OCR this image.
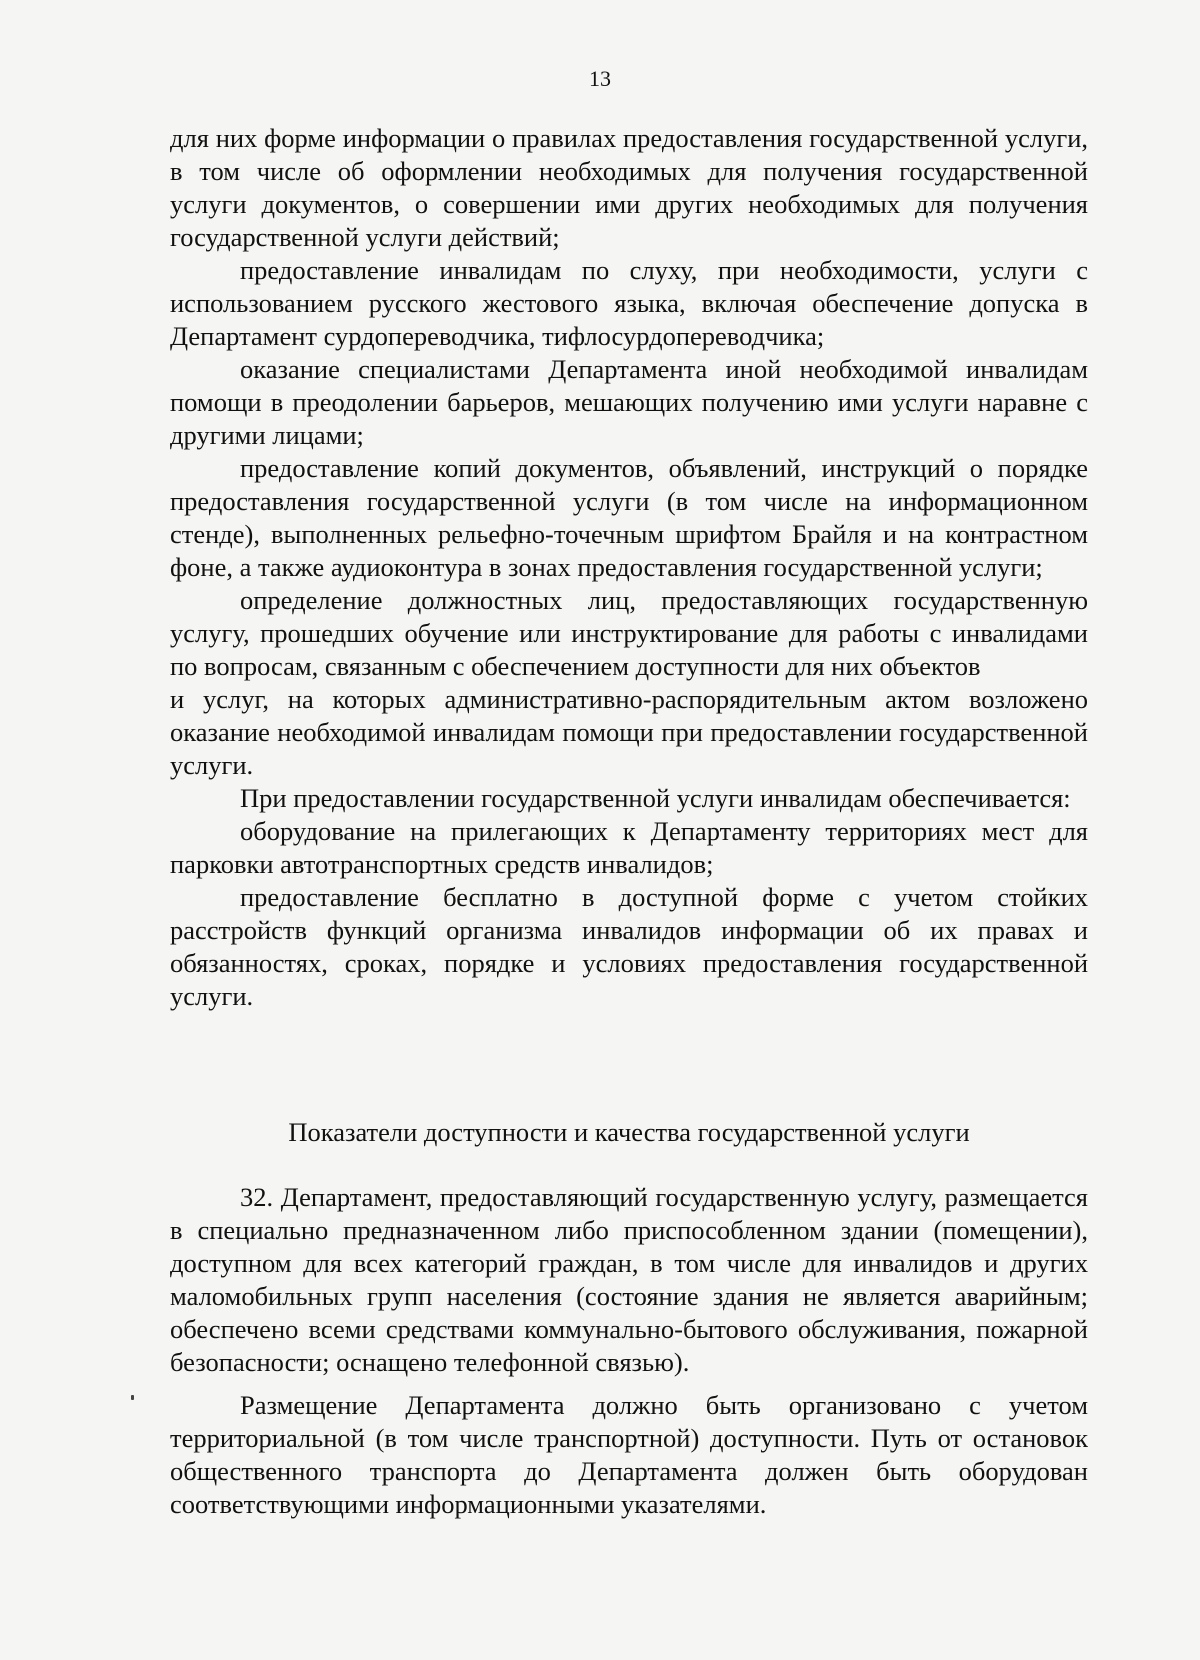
13

для них форме информации о правилах предоставления государственной услуги, в том числе об оформлении необходимых для получения государственной услуги документов, о совершении ими других необходимых для получения государственной услуги действий;

предоставление инвалидам по слуху, при необходимости, услуги с использованием русского жестового языка, включая обеспечение допуска в Департамент сурдопереводчика, тифлосурдопереводчика;

оказание специалистами Департамента иной необходимой инвалидам помощи в преодолении барьеров, мешающих получению ими услуги наравне с другими лицами;

предоставление копий документов, объявлений, инструкций о порядке предоставления государственной услуги (в том числе на информационном стенде), выполненных рельефно-точечным шрифтом Брайля и на контрастном фоне, а также аудиоконтура в зонах предоставления государственной услуги;

определение должностных лиц, предоставляющих государственную услугу, прошедших обучение или инструктирование для работы с инвалидами по вопросам, связанным с обеспечением доступности для них объектов

и услуг, на которых административно-распорядительным актом возложено оказание необходимой инвалидам помощи при предоставлении государственной услуги.

При предоставлении государственной услуги инвалидам обеспечивается:

оборудование на прилегающих к Департаменту территориях мест для парковки автотранспортных средств инвалидов;

предоставление бесплатно в доступной форме с учетом стойких расстройств функций организма инвалидов информации об их правах и обязанностях, сроках, порядке и условиях предоставления государственной услуги.

Показатели доступности и качества государственной услуги

32. Департамент, предоставляющий государственную услугу, размещается в специально предназначенном либо приспособленном здании (помещении), доступном для всех категорий граждан, в том числе для инвалидов и других маломобильных групп населения (состояние здания не является аварийным; обеспечено всеми средствами коммунально-бытового обслуживания, пожарной безопасности; оснащено телефонной связью).

Размещение Департамента должно быть организовано с учетом территориальной (в том числе транспортной) доступности. Путь от остановок общественного транспорта до Департамента должен быть оборудован соответствующими информационными указателями.
